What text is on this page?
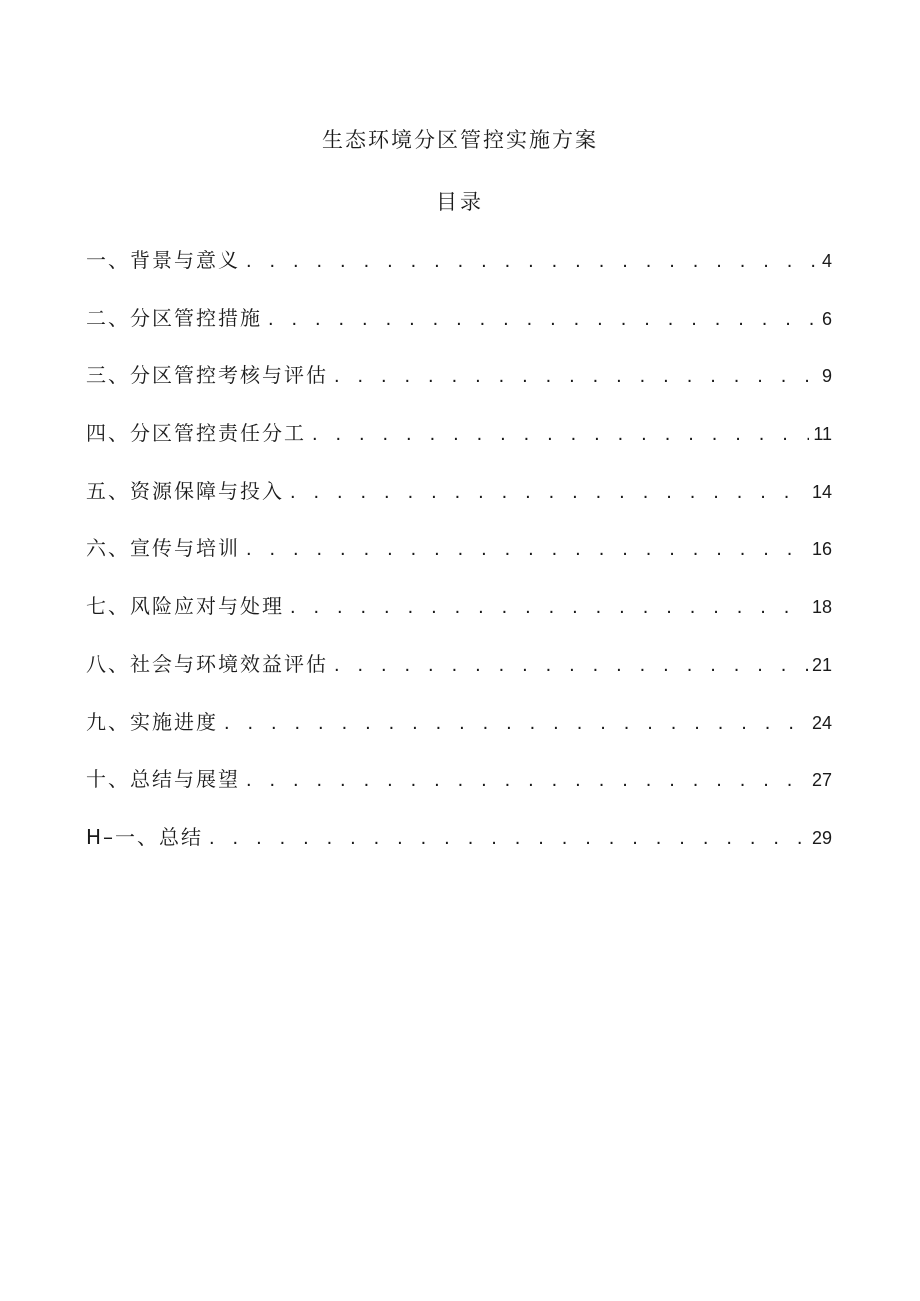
生态环境分区管控实施方案
目录
一、背景与意义 . . .	4
二、分区管控措施 . . .	6
三、分区管控考核与评估 . . .	9
四、分区管控责任分工 . . .	11
五、资源保障与投入 . . .	14
六、宣传与培训 . . .	16
七、风险应对与处理 . . .	18
八、社会与环境效益评估 . . .	21
九、实施进度 . . .	24
十、总结与展望 . . .	27
H–一、总结 . . .	29
